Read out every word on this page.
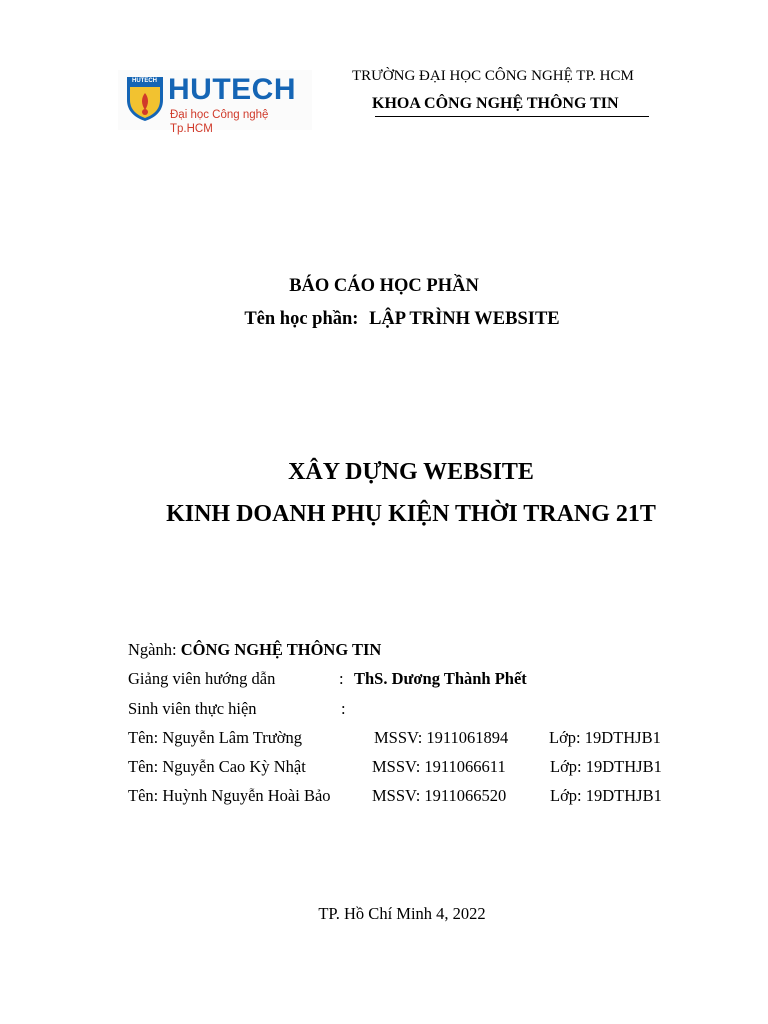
HUTECH HUTECH
Đại học Công nghệ Tp.HCM
TRƯỜNG ĐẠI HỌC CÔNG NGHỆ TP. HCM
KHOA CÔNG NGHỆ THÔNG TIN
BÁO CÁO HỌC PHẦN
Tên học phần: LẬP TRÌNH WEBSITE
XÂY DỰNG WEBSITE
KINH DOANH PHỤ KIỆN THỜI TRANG 21T
Ngành: CÔNG NGHỆ THÔNG TIN
Giảng viên hướng dẫn	: ThS. Dương Thành Phết
Sinh viên thực hiện	:
Tên: Nguyễn Lâm Trường	MSSV: 1911061894 Lớp: 19DTHJB1
Tên: Nguyễn Cao Kỳ Nhật	MSSV: 1911066611	Lớp: 19DTHJB1
Tên: Huỳnh Nguyễn Hoài Bảo	MSSV: 1911066520	Lớp: 19DTHJB1
TP. Hồ Chí Minh 4, 2022
